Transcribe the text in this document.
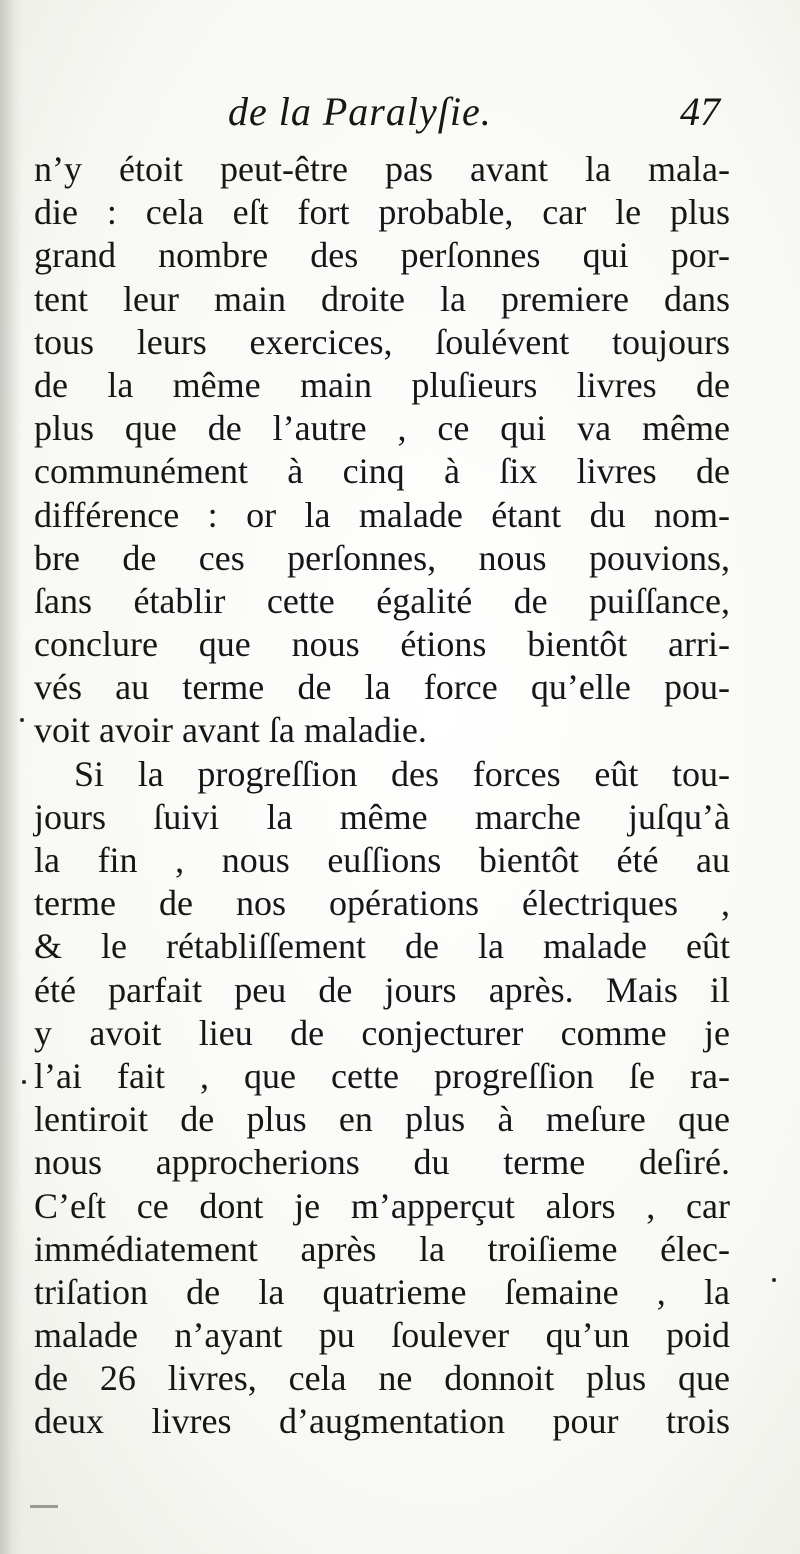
de la Paralyſie.	47
n’y étoit peut-être pas avant la mala-
die : cela eſt fort probable, car le plus
grand nombre des perſonnes qui por-
tent leur main droite la premiere dans
tous leurs exercices, ſoulévent toujours
de la même main pluſieurs livres de
plus que de l’autre , ce qui va même
communément à cinq à ſix livres de
différence : or la malade étant du nom-
bre de ces perſonnes, nous pouvions,
ſans établir cette égalité de puiſſance,
conclure que nous étions bientôt arri-
vés au terme de la force qu’elle pou-
voit avoir avant ſa maladie.
Si la progreſſion des forces eût tou-
jours ſuivi la même marche juſqu’à
la fin , nous euſſions bientôt été au
terme de nos opérations électriques ,
& le rétabliſſement de la malade eût
été parfait peu de jours après. Mais il
y avoit lieu de conjecturer comme je
l’ai fait , que cette progreſſion ſe ra-
lentiroit de plus en plus à meſure que
nous approcherions du terme deſiré.
C’eſt ce dont je m’apperçut alors , car
immédiatement après la troiſieme élec-
triſation de la quatrieme ſemaine , la
malade n’ayant pu ſoulever qu’un poid
de 26 livres, cela ne donnoit plus que
deux livres d’augmentation pour trois
